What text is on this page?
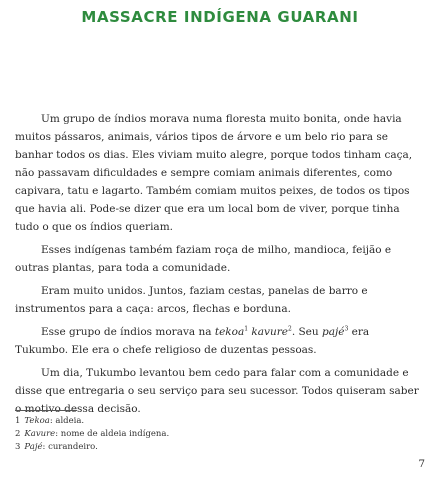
MASSACRE INDÍGENA GUARANI

Um grupo de índios morava numa floresta muito bonita, onde havia muitos pássaros, animais, vários tipos de árvore e um belo rio para se banhar todos os dias. Eles viviam muito alegre, porque todos tinham caça, não passavam dificuldades e sempre comiam animais diferentes, como capivara, tatu e lagarto. Também comiam muitos peixes, de todos os tipos que havia ali. Pode-se dizer que era um local bom de viver, porque tinha tudo o que os índios queriam.

Esses indígenas também faziam roça de milho, mandioca, feijão e outras plantas, para toda a comunidade.

Eram muito unidos. Juntos, faziam cestas, panelas de barro e instrumentos para a caça: arcos, flechas e borduna.

Esse grupo de índios morava na tekoa$^1$ kavure$^2$. Seu pajé$^3$ era Tukumbo. Ele era o chefe religioso de duzentas pessoas.

Um dia, Tukumbo levantou bem cedo para falar com a comunidade e disse que entregaria o seu serviço para seu sucessor. Todos quiseram saber o motivo dessa decisão.

1 Tekoa: aldeia.
2 Kavure: nome de aldeia indígena.
3 Pajé: curandeiro.
7
